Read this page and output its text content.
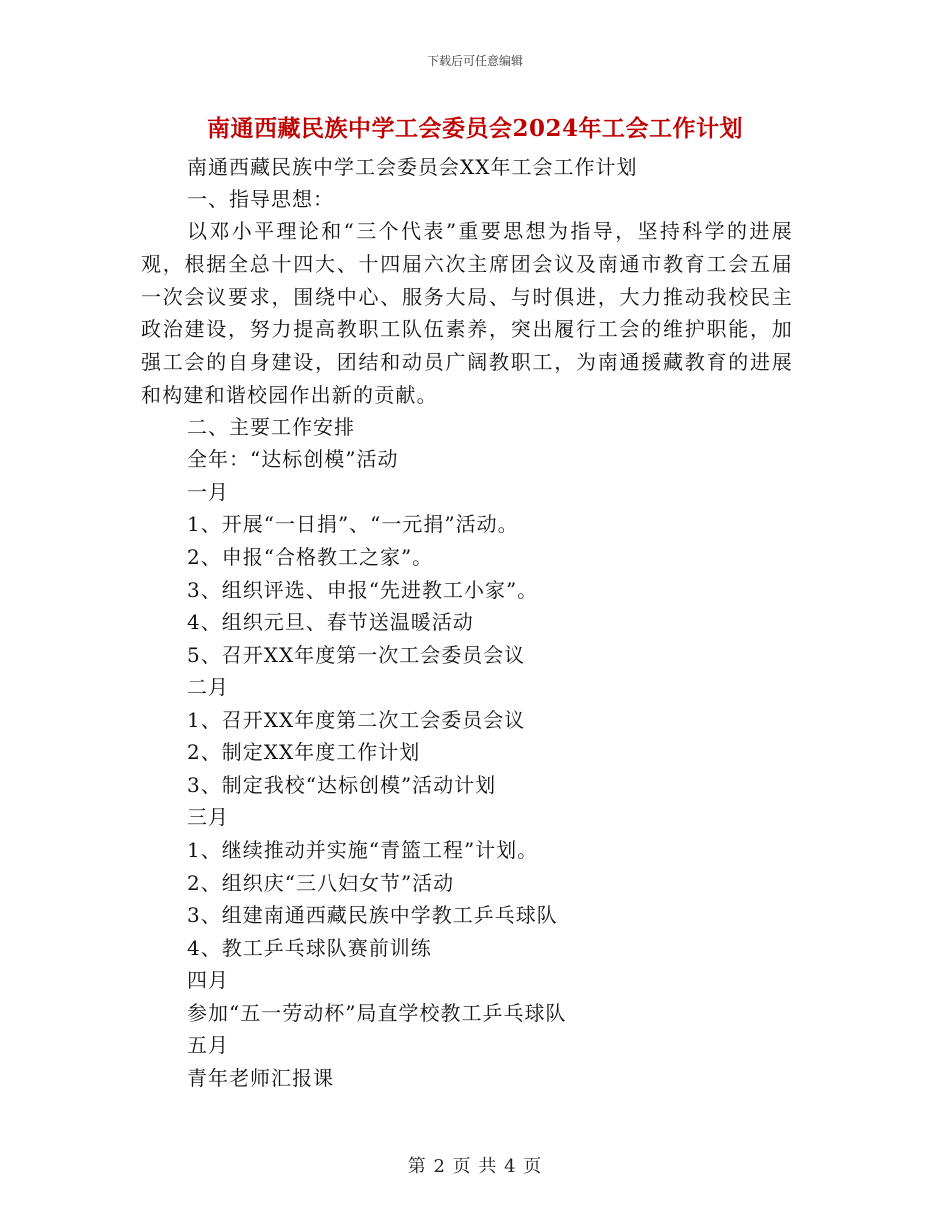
下载后可任意编辑
南通西藏民族中学工会委员会2024年工会工作计划
南通西藏民族中学工会委员会XX年工会工作计划
一、指导思想：
以邓小平理论和“三个代表”重要思想为指导，坚持科学的进展观，根据全总十四大、十四届六次主席团会议及南通市教育工会五届一次会议要求，围绕中心、服务大局、与时俱进，大力推动我校民主政治建设，努力提高教职工队伍素养，突出履行工会的维护职能，加强工会的自身建设，团结和动员广阔教职工，为南通援藏教育的进展和构建和谐校园作出新的贡献。
二、主要工作安排
全年：“达标创模”活动
一月
1、开展“一日捐”、“一元捐”活动。
2、申报“合格教工之家”。
3、组织评选、申报“先进教工小家”。
4、组织元旦、春节送温暖活动
5、召开XX年度第一次工会委员会议
二月
1、召开XX年度第二次工会委员会议
2、制定XX年度工作计划
3、制定我校“达标创模”活动计划
三月
1、继续推动并实施“青篮工程”计划。
2、组织庆“三八妇女节”活动
3、组建南通西藏民族中学教工乒乓球队
4、教工乒乓球队赛前训练
四月
参加“五一劳动杯”局直学校教工乒乓球队
五月
青年老师汇报课
第 2 页 共 4 页
